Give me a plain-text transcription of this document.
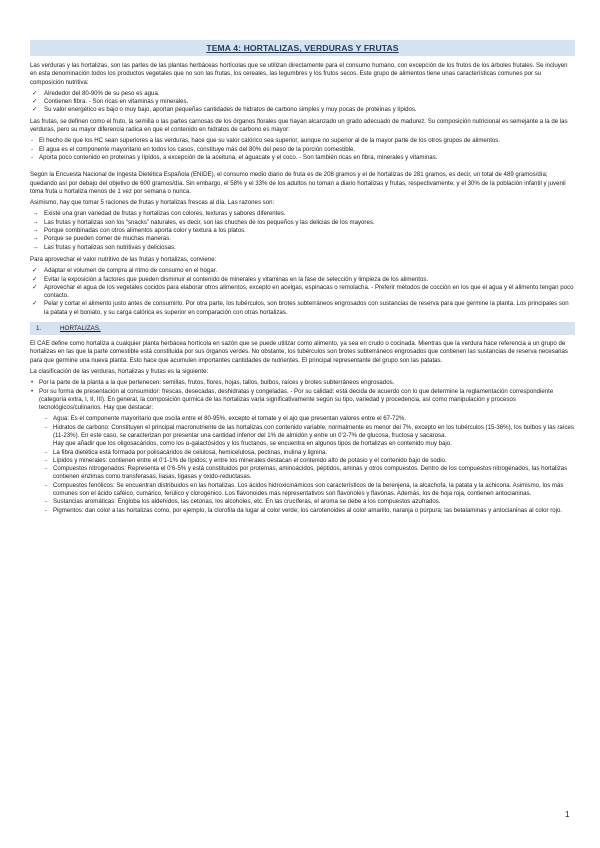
TEMA 4: HORTALIZAS, VERDURAS Y FRUTAS

Las verduras y las hortalizas, son las partes de las plantas herbáceas hortícolas que se utilizan directamente para el consumo humano, con excepción de los frutos de los árboles frutales. Se incluyen en esta denominación todos los productos vegetales que no son las frutas, los cereales, las legumbres y los frutos secos. Este grupo de alimentos tiene unas características comunes por su composición nutritiva:

✓ Alrededor del 80-90% de su peso es agua.
✓ Contienen fibra. - Son ricas en vitaminas y minerales.
✓ Su valor energético es bajo o muy bajo, aportan pequeñas cantidades de hidratos de carbono simples y muy pocas de proteínas y lípidos.

Las frutas, se definen como el fruto, la semilla o las partes carnosas de los órganos florales que hayan alcanzado un grado adecuado de madurez. Su composición nutricional es semejante a la de las verduras, pero su mayor diferencia radica en que el contenido en hidratos de carbono es mayor:

- El hecho de que los HC sean superiores a las verduras, hace que su valor calórico sea superior, aunque no superior al de la mayor parte de los otros grupos de alimentos.
- El agua es el componente mayoritario en todos los casos, constituye más del 80% del peso de la porción comestible.
- Aporta poco contenido en proteínas y lípidos, a excepción de la aceituna, el aguacate y el coco. - Son también ricas en fibra, minerales y vitaminas.

Según la Encuesta Nacional de Ingesta Dietética Española (ENIDE), el consumo medio diario de fruta es de 208 gramos y el de hortalizas de 281 gramos, es decir, un total de 489 gramos/día; quedando así por debajo del objetivo de 600 gramos/día. Sin embargo, el 58% y el 33% de los adultos no toman a diario hortalizas y frutas, respectivamente, y el 30% de la población infantil y juvenil toma fruta u hortaliza menos de 1 vez por semana o nunca.

Asimismo, hay que tomar 5 raciones de frutas y hortalizas frescas al día. Las razones son:

→ Existe una gran variedad de frutas y hortalizas con colores, texturas y sabores diferentes.
→ Las frutas y hortalizas son los “snacks” naturales, es decir, son las chuches de los pequeños y las delicias de los mayores.
→ Porque combinadas con otros alimentos aporta color y textura a los platos.
→ Porque se pueden comer de muchas maneras.
→ Las frutas y hortalizas son nutritivas y deliciosas.

Para aprovechar el valor nutritivo de las frutas y hortalizas, conviene:

✓ Adaptar el volumen de compra al ritmo de consumo en el hogar.
✓ Evitar la exposición a factores que pueden disminuir el contenido de minerales y vitaminas en la fase de selección y limpieza de los alimentos.
✓ Aprovechar el agua de los vegetales cocidos para elaborar otros alimentos, excepto en acelgas, espinacas o remolacha. - Preferir métodos de cocción en los que el agua y el alimento tengan poco contacto.
✓ Pelar y cortar el alimento justo antes de consumirlo. Por otra parte, los tubérculos, son brotes subterráneos engrosados con sustancias de reserva para que germine la planta. Los principales son la patata y el boniato, y su carga calórica es superior en comparación con otras hortalizas.
1.	HORTALIZAS.

El CAE define como hortaliza a cualquier planta herbácea hortícola en sazón que se puede utilizar como alimento, ya sea en crudo o cocinada. Mientras que la verdura hace referencia a un grupo de hortalizas en las que la parte comestible está constituida por sus órganos verdes. No obstante, los tubérculos son brotes subterráneos engrosados que contienen las sustancias de reserva necesarias para que germine una nueva planta. Esto hace que acumulen importantes cantidades de nutrientes. El principal representante del grupo son las patatas.

La clasificación de las verduras, hortalizas y frutas es la siguiente:

• Por la parte de la planta a la que pertenecen: semillas, frutos, flores, hojas, tallos, bulbos, raíces y brotes subterráneos engrosados.
• Por su forma de presentación al consumidor: frescas, desecadas, deshidratas y congeladas. - Por su calidad: está decida de acuerdo con lo que determine la reglamentación correspondiente (categoría extra, I, II, III). En general, la composición química de las hortalizas varía significativamente según su tipo, variedad y procedencia, así como manipulación y procesos tecnológicos/culinarios. Hay que destacar:
- Agua: Es el componente mayoritario que oscila entre el 80-95%, excepto el tomate y el ajo que presentan valores entre el 67-72%.
- Hidratos de carbono: Constituyen el principal macronutriente de las hortalizas con contenido variable, normalmente es menor del 7%, excepto en los tubérculos (15-36%), los bulbos y las raíces (11-23%). En este caso, se caracterizan por presentar una cantidad inferior del 1% de almidón y entre un 0’2-7% de glucosa, fructosa y sacarosa.
Hay que añadir que los oligosacáridos, como los α-galactósidos y los fructanos, se encuentra en algunos tipos de hortalizas en contenido muy bajo.
- La fibra dietética está formada por polisacáridos de celulosa, hemicelulosa, pectinas, inulina y lignina.
- Lípidos y minerales: contienen entre el 0’1-1% de lípidos; y entre los minerales destacan el contenido alto de potasio y el contenido bajo de sodio.
- Compuestos nitrogenados: Representa el 0’6-5% y está constituidos por proteínas, aminoácidos, péptidos, aminas y otros compuestos. Dentro de los compuestos nitrogenados, las hortalizas contienen enzimas como transferasas, liasas, ligasas y oxido-reductasas.
- Compuestos fenólicos: Se encuentran distribuidos en las hortalizas. Los ácidos hidroxicinámicos son característicos de la berenjena, la alcachofa, la patata y la achicoria. Asimismo, los más comunes son el ácido caféico, cumárico, ferúlico y clorogénico. Los flavonoides más representativos son flavonoles y flavonas. Además, los de hoja roja, contienen antocianinas.
- Sustancias aromáticas: Engloba los aldehídos, las cetonas, los alcoholes, etc. En las crucíferas, el aroma se debe a los compuestos azufrados.
- Pigmentos: dan color a las hortalizas como, por ejemplo, la clorofila da lugar al color verde; los carotenoides al color amarillo, naranja o púrpura; las betalaminas y antocianinas al color rojo.
1
